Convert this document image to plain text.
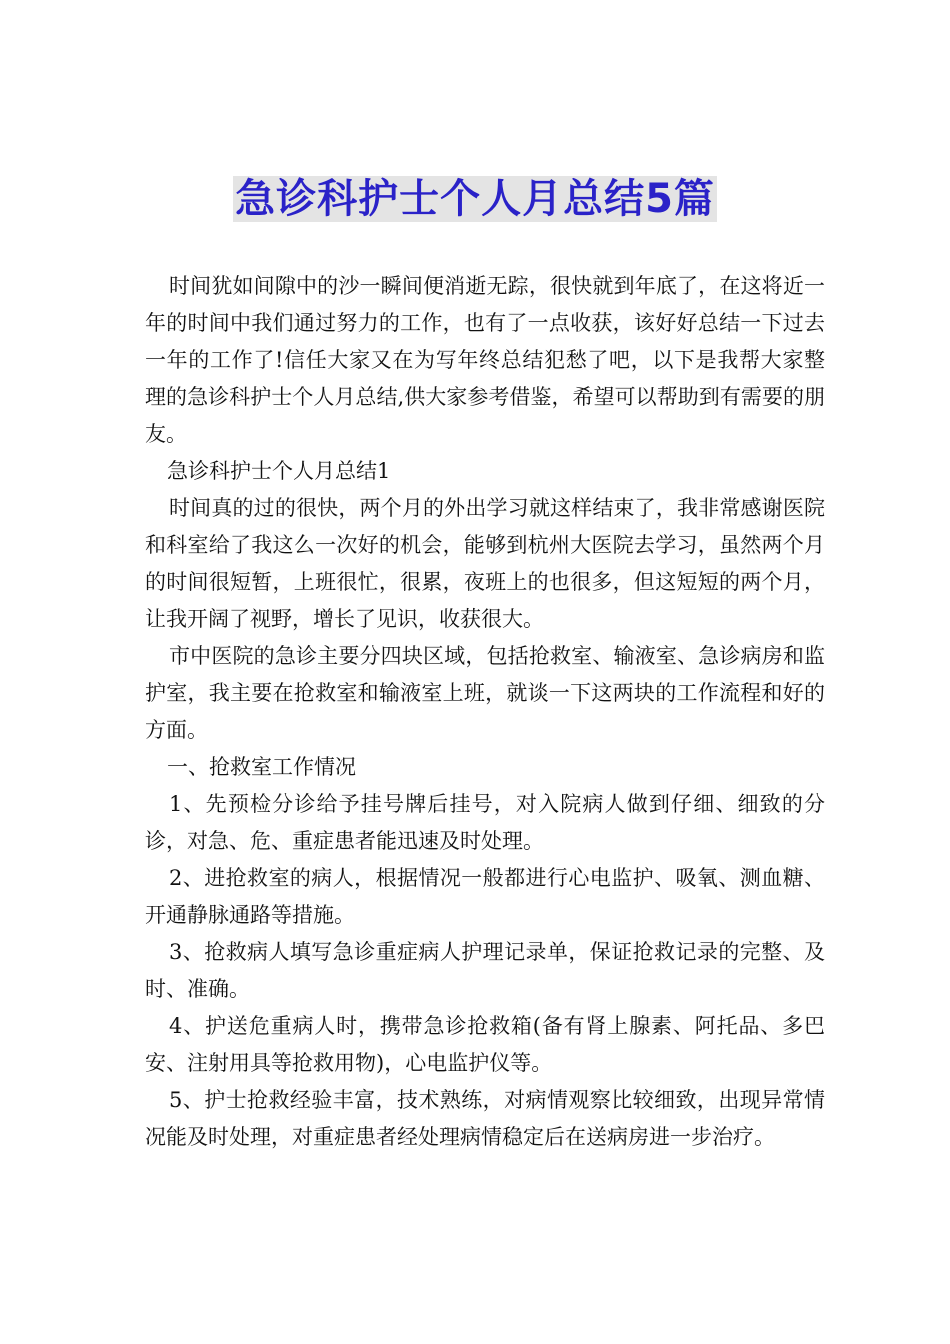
急诊科护士个人月总结5篇

时间犹如间隙中的沙一瞬间便消逝无踪，很快就到年底了，在这将近一年的时间中我们通过努力的工作，也有了一点收获，该好好总结一下过去一年的工作了!信任大家又在为写年终总结犯愁了吧，以下是我帮大家整理的急诊科护士个人月总结,供大家参考借鉴，希望可以帮助到有需要的朋友。

急诊科护士个人月总结1

时间真的过的很快，两个月的外出学习就这样结束了，我非常感谢医院和科室给了我这么一次好的机会，能够到杭州大医院去学习，虽然两个月的时间很短暂，上班很忙，很累，夜班上的也很多，但这短短的两个月，让我开阔了视野，增长了见识，收获很大。

市中医院的急诊主要分四块区域，包括抢救室、输液室、急诊病房和监护室，我主要在抢救室和输液室上班，就谈一下这两块的工作流程和好的方面。

一、抢救室工作情况

1、先预检分诊给予挂号牌后挂号，对入院病人做到仔细、细致的分诊，对急、危、重症患者能迅速及时处理。

2、进抢救室的病人，根据情况一般都进行心电监护、吸氧、测血糖、开通静脉通路等措施。

3、抢救病人填写急诊重症病人护理记录单，保证抢救记录的完整、及时、准确。

4、护送危重病人时，携带急诊抢救箱(备有肾上腺素、阿托品、多巴安、注射用具等抢救用物)，心电监护仪等。

5、护士抢救经验丰富，技术熟练，对病情观察比较细致，出现异常情况能及时处理，对重症患者经处理病情稳定后在送病房进一步治疗。
